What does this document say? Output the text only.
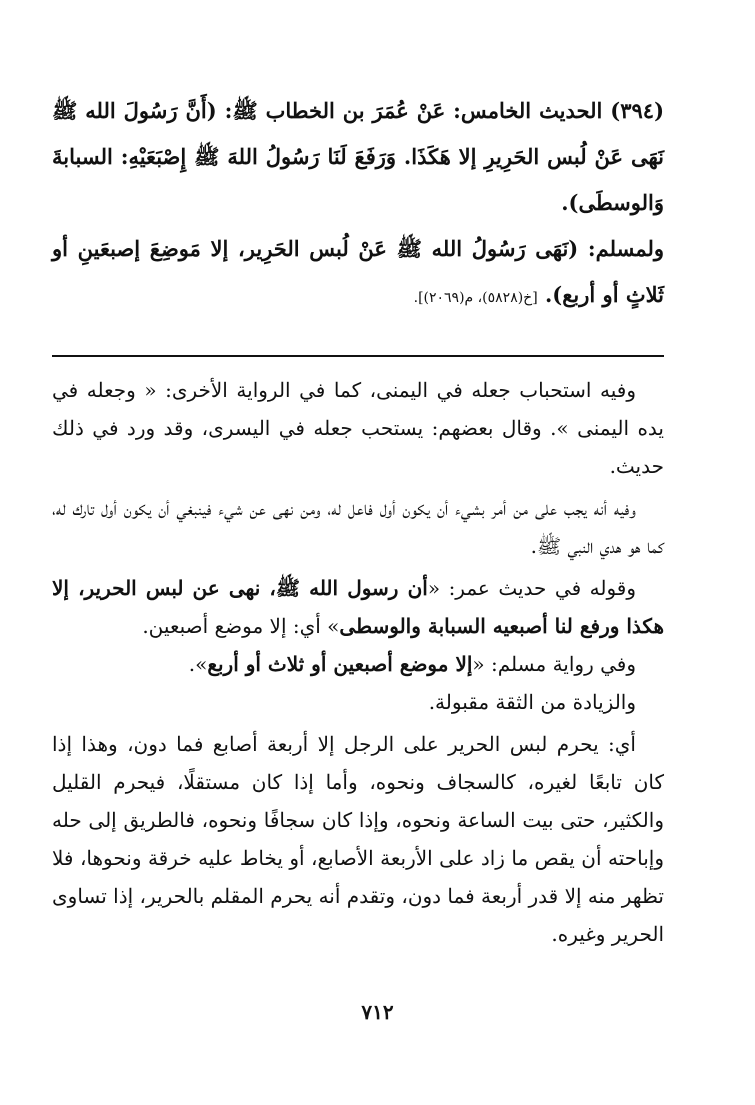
(٣٩٤) الحديث الخامس: عَنْ عُمَرَ بن الخطاب ﷺ: (أَنَّ رَسُولَ الله ﷺ نَهَى عَنْ لُبس الحَرِيرِ إلا هَكَذَا. وَرَفَعَ لَنَا رَسُولُ اللهَ ﷺ إِصْبَعَيْهِ: السبابةَ وَالوسطَى).

ولمسلم: (نَهَى رَسُولُ الله ﷺ عَنْ لُبس الحَرِير، إلا مَوضِعَ إصبعَينِ أو ثَلاثٍ أو أربع). [خ(٥٨٢٨)، م(٢٠٦٩)].

وفيه استحباب جعله في اليمنى، كما في الرواية الأخرى: « وجعله في يده اليمنى ». وقال بعضهم: يستحب جعله في اليسرى، وقد ورد في ذلك حديث.

وفيه أنه يجب على من أمر بشيء أن يكون أول فاعل له، ومن نهى عن شيء فينبغي أن يكون أول تارك له، كما هو هدي النبي ﷺ.

وقوله في حديث عمر: «أن رسول الله ﷺ، نهى عن لبس الحرير، إلا هكذا ورفع لنا أصبعيه السبابة والوسطى» أي: إلا موضع أصبعين.

وفي رواية مسلم: «إلا موضع أصبعين أو ثلاث أو أربع».

والزيادة من الثقة مقبولة.

أي: يحرم لبس الحرير على الرجل إلا أربعة أصابع فما دون، وهذا إذا كان تابعًا لغيره، كالسجاف ونحوه، وأما إذا كان مستقلًا، فيحرم القليل والكثير، حتى بيت الساعة ونحوه، وإذا كان سجافًا ونحوه، فالطريق إلى حله وإباحته أن يقص ما زاد على الأربعة الأصابع، أو يخاط عليه خرقة ونحوها، فلا تظهر منه إلا قدر أربعة فما دون، وتقدم أنه يحرم المقلم بالحرير، إذا تساوى الحرير وغيره.

٧١٢
